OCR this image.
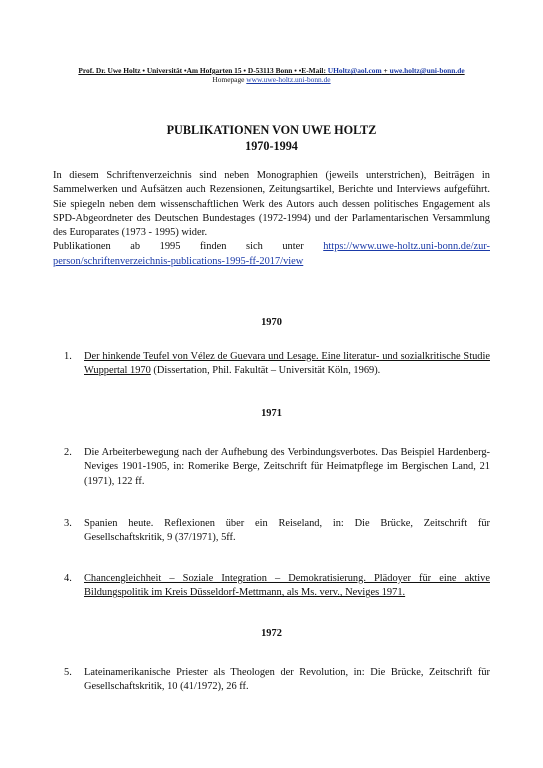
Prof. Dr. Uwe Holtz • Universität •Am Hofgarten 15 • D-53113 Bonn • •E-Mail: UHoltz@aol.com + uwe.holtz@uni-bonn.de
Homepage www.uwe-holtz.uni-bonn.de
PUBLIKATIONEN VON UWE HOLTZ
1970-1994

In diesem Schriftenverzeichnis sind neben Monographien (jeweils unterstrichen), Beiträgen in Sammelwerken und Aufsätzen auch Rezensionen, Zeitungsartikel, Berichte und Interviews aufgeführt. Sie spiegeln neben dem wissenschaftlichen Werk des Autors auch dessen politisches Engagement als SPD-Abgeordneter des Deutschen Bundestages (1972-1994) und der Parlamentarischen Versammlung des Europarates (1973 - 1995) wider.

Publikationen ab 1995 finden sich unter https://www.uwe-holtz.uni-bonn.de/zur-person/schriftenverzeichnis-publications-1995-ff-2017/view

1970
1.	Der hinkende Teufel von Vélez de Guevara und Lesage. Eine literatur- und sozialkritische Studie Wuppertal 1970 (Dissertation, Phil. Fakultät – Universität Köln, 1969).
1971
2.	Die Arbeiterbewegung nach der Aufhebung des Verbindungsverbotes. Das Beispiel Hardenberg-Neviges 1901-1905, in: Romerike Berge, Zeitschrift für Heimatpflege im Bergischen Land, 21 (1971), 122 ff.
3.	Spanien heute. Reflexionen über ein Reiseland, in: Die Brücke, Zeitschrift für Gesellschaftskritik, 9 (37/1971), 5ff.
4.	Chancengleichheit – Soziale Integration – Demokratisierung. Plädoyer für eine aktive Bildungspolitik im Kreis Düsseldorf-Mettmann, als Ms. verv., Neviges 1971.
1972
5.	Lateinamerikanische Priester als Theologen der Revolution, in: Die Brücke, Zeitschrift für Gesellschaftskritik, 10 (41/1972), 26 ff.
